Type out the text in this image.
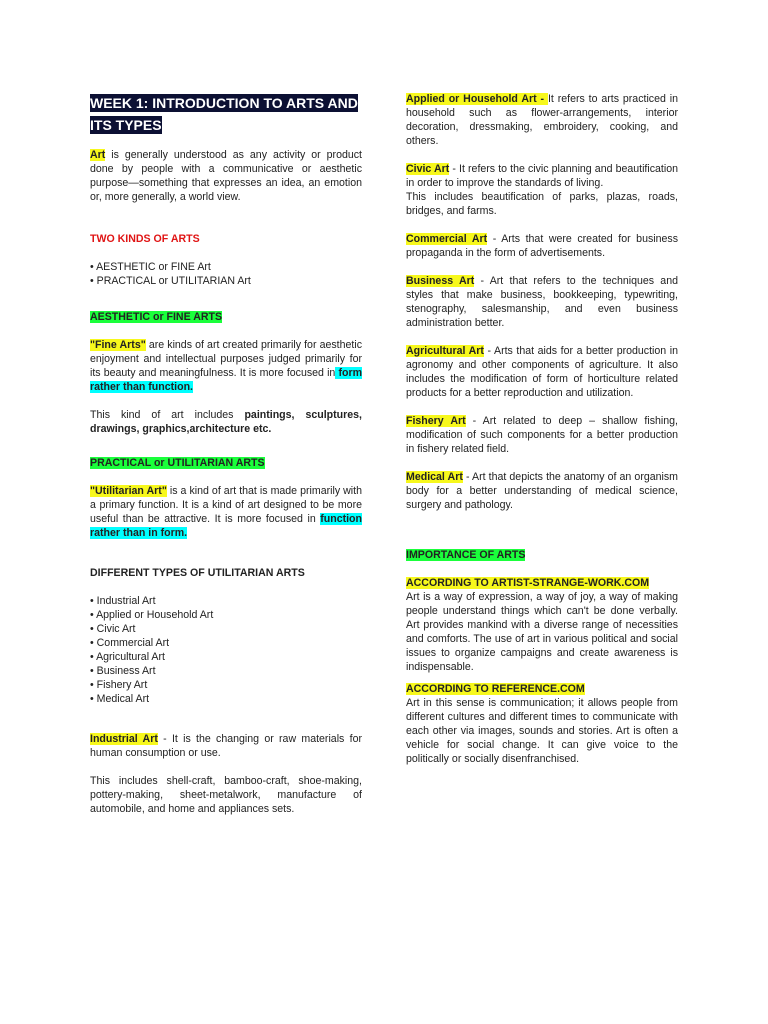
WEEK 1: INTRODUCTION TO ARTS AND ITS TYPES

Art is generally understood as any activity or product done by people with a communicative or aesthetic purpose—something that expresses an idea, an emotion or, more generally, a world view.

TWO KINDS OF ARTS
• AESTHETIC or FINE Art
• PRACTICAL or UTILITARIAN Art
AESTHETIC or FINE ARTS

"Fine Arts" are kinds of art created primarily for aesthetic enjoyment and intellectual purposes judged primarily for its beauty and meaningfulness. It is more focused in form rather than function.

This kind of art includes paintings, sculptures, drawings, graphics,architecture etc.

PRACTICAL or UTILITARIAN ARTS

"Utilitarian Art" is a kind of art that is made primarily with a primary function. It is a kind of art designed to be more useful than be attractive. It is more focused in function rather than in form.

DIFFERENT TYPES OF UTILITARIAN ARTS
• Industrial Art
• Applied or Household Art
• Civic Art
• Commercial Art
• Agricultural Art
• Business Art
• Fishery Art
• Medical Art

Industrial Art - It is the changing or raw materials for human consumption or use.

This includes shell-craft, bamboo-craft, shoe-making, pottery-making, sheet-metalwork, manufacture of automobile, and home and appliances sets.

Applied or Household Art - It refers to arts practiced in household such as flower-arrangements, interior decoration, dressmaking, embroidery, cooking, and others.

Civic Art - It refers to the civic planning and beautification in order to improve the standards of living.

This includes beautification of parks, plazas, roads, bridges, and farms.

Commercial Art - Arts that were created for business propaganda in the form of advertisements.

Business Art - Art that refers to the techniques and styles that make business, bookkeeping, typewriting, stenography, salesmanship, and even business administration better.

Agricultural Art - Arts that aids for a better production in agronomy and other components of agriculture. It also includes the modification of form of horticulture related products for a better reproduction and utilization.

Fishery Art - Art related to deep – shallow fishing, modification of such components for a better production in fishery related field.

Medical Art - Art that depicts the anatomy of an organism body for a better understanding of medical science, surgery and pathology.

IMPORTANCE OF ARTS
ACCORDING TO ARTIST-STRANGE-WORK.COM

Art is a way of expression, a way of joy, a way of making people understand things which can't be done verbally. Art provides mankind with a diverse range of necessities and comforts. The use of art in various political and social issues to organize campaigns and create awareness is indispensable.

ACCORDING TO REFERENCE.COM

Art in this sense is communication; it allows people from different cultures and different times to communicate with each other via images, sounds and stories. Art is often a vehicle for social change. It can give voice to the politically or socially disenfranchised.
